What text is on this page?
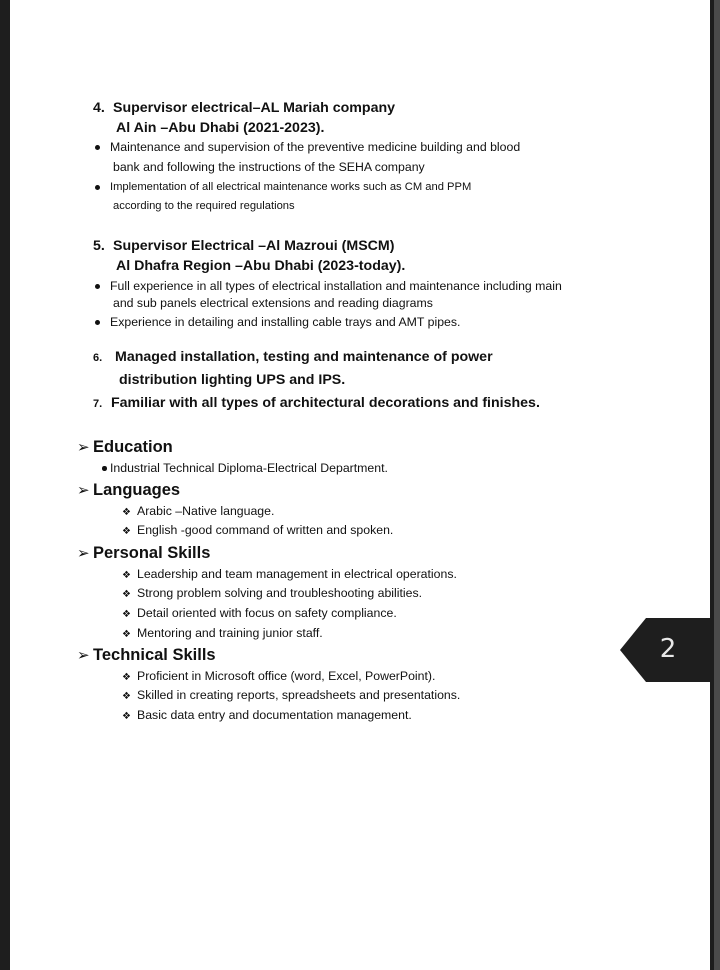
4. Supervisor electrical–AL Mariah company
Al Ain –Abu Dhabi (2021-2023).
Maintenance and supervision of the preventive medicine building and blood
bank and following the instructions of the SEHA company
Implementation of all electrical maintenance works such as CM and PPM
according to the required regulations
5. Supervisor Electrical –Al Mazroui (MSCM)
Al Dhafra Region –Abu Dhabi (2023-today).
Full experience in all types of electrical installation and maintenance including main
and sub panels electrical extensions and reading diagrams
Experience in detailing and installing cable trays and AMT pipes.
6. Managed installation, testing and maintenance of power
distribution lighting UPS and IPS.
7. Familiar with all types of architectural decorations and finishes.
➢ Education
Industrial Technical Diploma-Electrical Department.
➢ Languages
❖ Arabic –Native language.
❖ English -good command of written and spoken.
➢ Personal Skills
❖ Leadership and team management in electrical operations.
❖ Strong problem solving and troubleshooting abilities.
❖ Detail oriented with focus on safety compliance.
❖ Mentoring and training junior staff.
➢ Technical Skills
❖ Proficient in Microsoft office (word, Excel, PowerPoint).
❖ Skilled in creating reports, spreadsheets and presentations.
❖ Basic data entry and documentation management.
2
